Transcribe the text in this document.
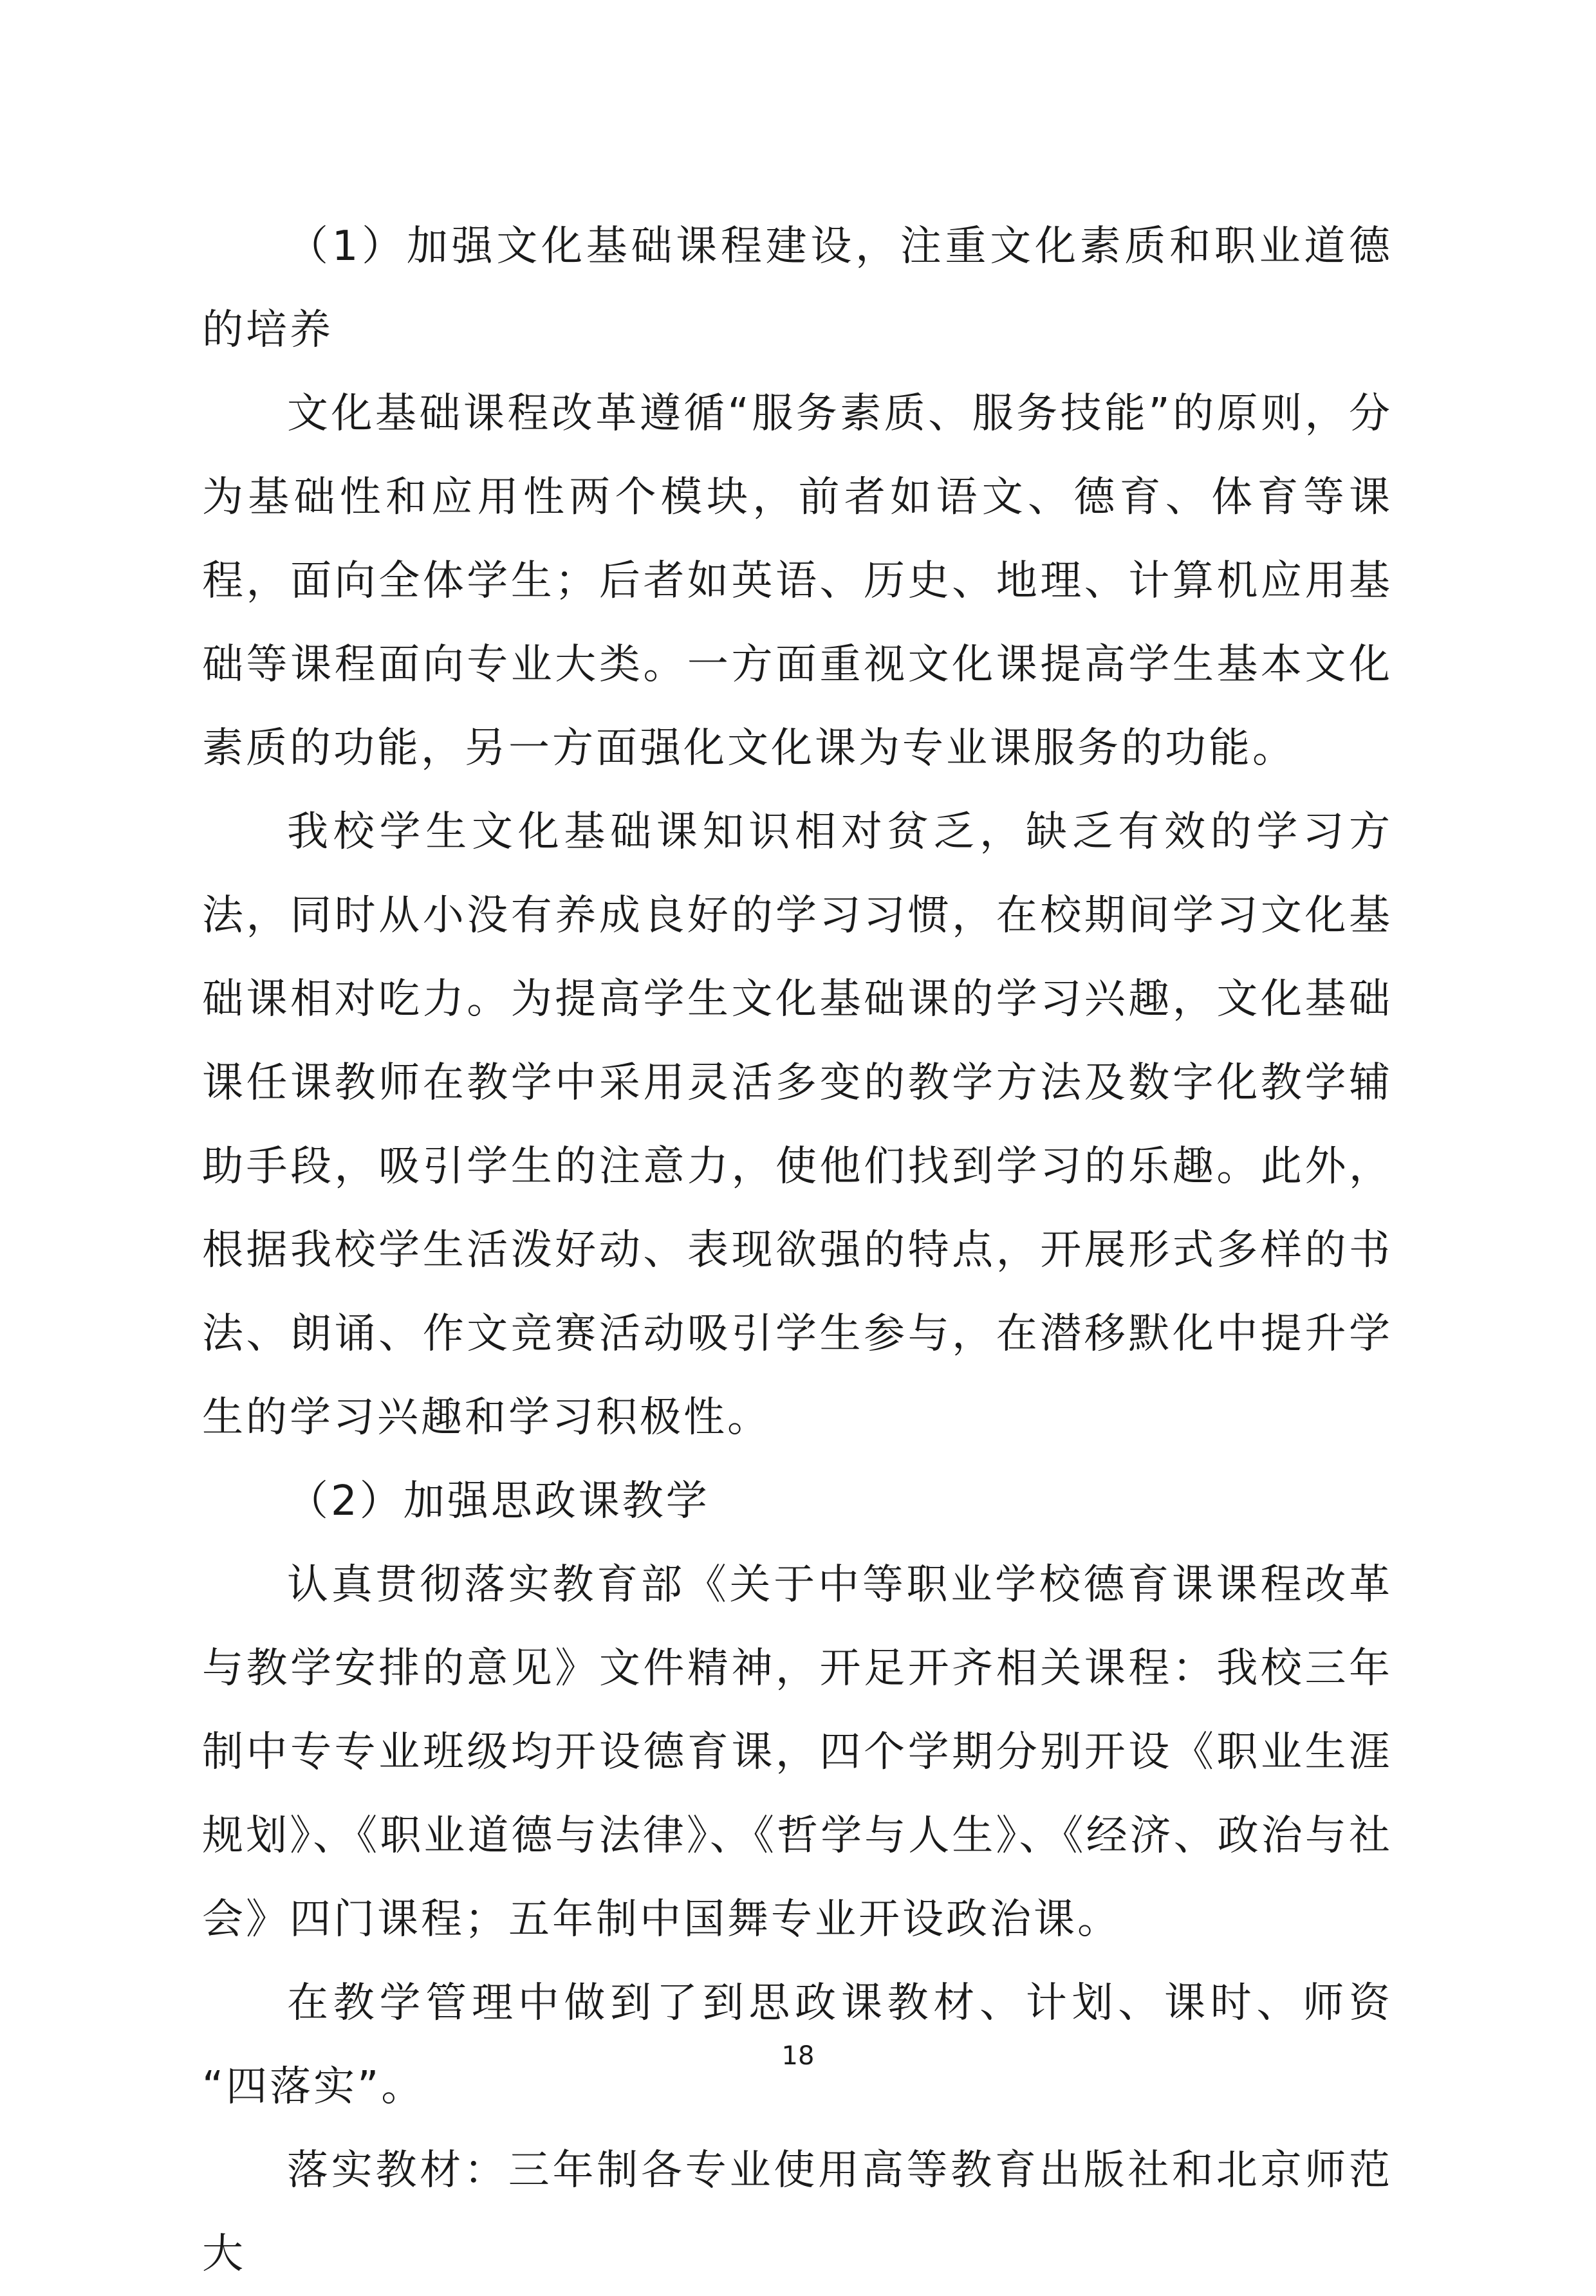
（1）加强文化基础课程建设，注重文化素质和职业道德的培养

文化基础课程改革遵循“服务素质、服务技能”的原则，分为基础性和应用性两个模块，前者如语文、德育、体育等课程，面向全体学生；后者如英语、历史、地理、计算机应用基础等课程面向专业大类。一方面重视文化课提高学生基本文化素质的功能，另一方面强化文化课为专业课服务的功能。

我校学生文化基础课知识相对贫乏，缺乏有效的学习方法，同时从小没有养成良好的学习习惯，在校期间学习文化基础课相对吃力。为提高学生文化基础课的学习兴趣，文化基础课任课教师在教学中采用灵活多变的教学方法及数字化教学辅助手段，吸引学生的注意力，使他们找到学习的乐趣。此外，根据我校学生活泼好动、表现欲强的特点，开展形式多样的书法、朗诵、作文竞赛活动吸引学生参与，在潜移默化中提升学生的学习兴趣和学习积极性。

（2）加强思政课教学

认真贯彻落实教育部《关于中等职业学校德育课课程改革与教学安排的意见》文件精神，开足开齐相关课程：我校三年制中专专业班级均开设德育课，四个学期分别开设《职业生涯规划》、《职业道德与法律》、《哲学与人生》、《经济、政治与社会》四门课程；五年制中国舞专业开设政治课。

在教学管理中做到了到思政课教材、计划、课时、师资 “四落实”。

落实教材：三年制各专业使用高等教育出版社和北京师范大

18
